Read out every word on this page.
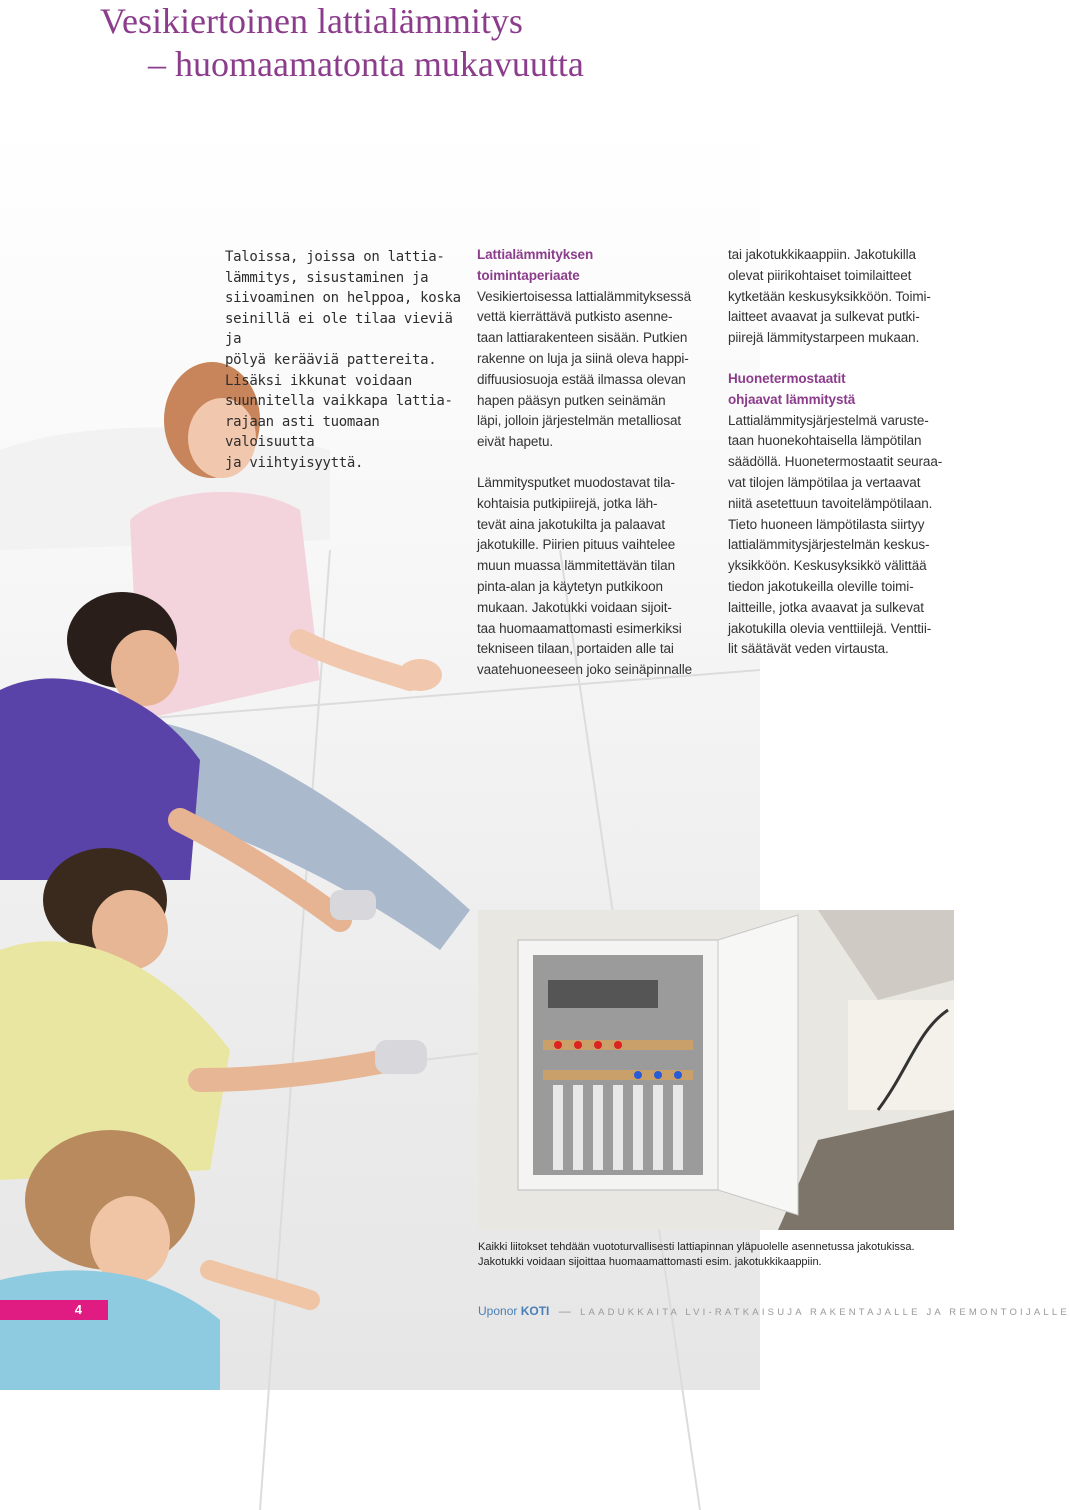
Vesikiertoinen lattialämmitys
– huomaamatonta mukavuutta
Taloissa, joissa on lattia-
lämmitys, sisustaminen ja
siivoaminen on helppoa, koska
seinillä ei ole tilaa vieviä ja
pölyä kerääviä pattereita.
Lisäksi ikkunat voidaan
suunnitella vaikkapa lattia-
rajaan asti tuomaan valoisuutta
ja viihtyisyyttä.

Lattialämmityksen

toimintaperiaate

Vesikiertoisessa lattialämmityksessä

vettä kierrättävä putkisto asenne-

taan lattiarakenteen sisään. Putkien

rakenne on luja ja siinä oleva happi-

diffuusiosuoja estää ilmassa olevan

hapen pääsyn putken seinämän

läpi, jolloin järjestelmän metalliosat

eivät hapetu.

Lämmitysputket muodostavat tila-

kohtaisia putkipiirejä, jotka läh-

tevät aina jakotukilta ja palaavat

jakotukille. Piirien pituus vaihtelee

muun muassa lämmitettävän tilan

pinta-alan ja käytetyn putkikoon

mukaan. Jakotukki voidaan sijoit-

taa huomaamattomasti esimerkiksi

tekniseen tilaan, portaiden alle tai

vaatehuoneeseen joko seinäpinnalle

tai jakotukkikaappiin. Jakotukilla

olevat piirikohtaiset toimilaitteet

kytketään keskusyksikköön. Toimi-

laitteet avaavat ja sulkevat putki-

piirejä lämmitystarpeen mukaan.

Huonetermostaatit

ohjaavat lämmitystä

Lattialämmitysjärjestelmä varuste-

taan huonekohtaisella lämpötilan

säädöllä. Huonetermostaatit seuraa-

vat tilojen lämpötilaa ja vertaavat

niitä asetettuun tavoitelämpötilaan.

Tieto huoneen lämpötilasta siirtyy

lattialämmitysjärjestelmän keskus-

yksikköön. Keskusyksikkö välittää

tiedon jakotukeilla oleville toimi-

laitteille, jotka avaavat ja sulkevat

jakotukilla olevia venttiilejä. Venttii-

lit säätävät veden virtausta.

Kaikki liitokset tehdään vuototurvallisesti lattiapinnan yläpuolelle asennetussa jakotukissa.
Jakotukki voidaan sijoittaa huomaamattomasti esim. jakotukkikaappiin.
4	Uponor KOTI — LAADUKKAITA LVI-RATKAISUJA RAKENTAJALLE JA REMONTOIJALLE
